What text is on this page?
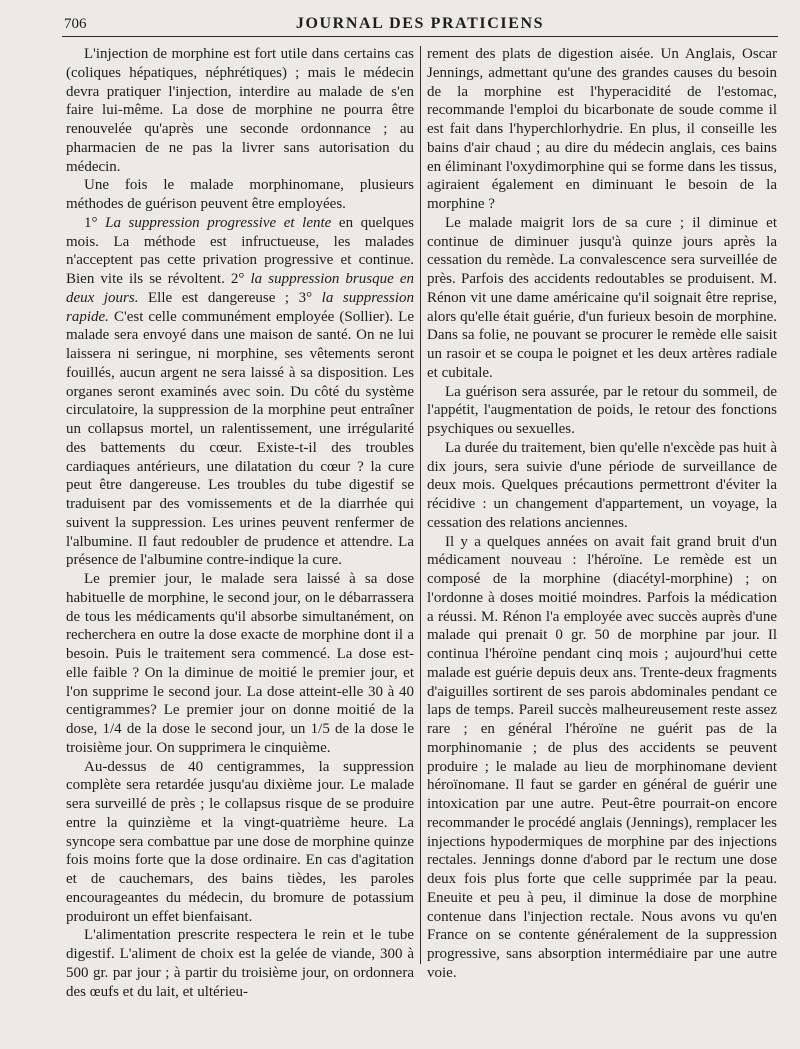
706	JOURNAL DES PRATICIENS

L'injection de morphine est fort utile dans certains cas (coliques hépatiques, néphrétiques) ; mais le médecin devra pratiquer l'injection, interdire au malade de s'en faire lui-même. La dose de morphine ne pourra être renouvelée qu'après une seconde ordonnance ; au pharmacien de ne pas la livrer sans autorisation du médecin.

Une fois le malade morphinomane, plusieurs méthodes de guérison peuvent être employées.

1° La suppression progressive et lente en quelques mois. La méthode est infructueuse, les malades n'acceptent pas cette privation progressive et continue. Bien vite ils se révoltent. 2° la suppression brusque en deux jours. Elle est dangereuse ; 3° la suppression rapide. C'est celle communément employée (Sollier). Le malade sera envoyé dans une maison de santé. On ne lui laissera ni seringue, ni morphine, ses vêtements seront fouillés, aucun argent ne sera laissé à sa disposition. Les organes seront examinés avec soin. Du côté du système circulatoire, la suppression de la morphine peut entraîner un collapsus mortel, un ralentissement, une irrégularité des battements du cœur. Existe-t-il des troubles cardiaques antérieurs, une dilatation du cœur ? la cure peut être dangereuse. Les troubles du tube digestif se traduisent par des vomissements et de la diarrhée qui suivent la suppression. Les urines peuvent renfermer de l'albumine. Il faut redoubler de prudence et attendre. La présence de l'albumine contre-indique la cure.

Le premier jour, le malade sera laissé à sa dose habituelle de morphine, le second jour, on le débarrassera de tous les médicaments qu'il absorbe simultanément, on recherchera en outre la dose exacte de morphine dont il a besoin. Puis le traitement sera commencé. La dose est-elle faible ? On la diminue de moitié le premier jour, et l'on supprime le second jour. La dose atteint-elle 30 à 40 centigrammes? Le premier jour on donne moitié de la dose, 1/4 de la dose le second jour, un 1/5 de la dose le troisième jour. On supprimera le cinquième.

Au-dessus de 40 centigrammes, la suppression complète sera retardée jusqu'au dixième jour. Le malade sera surveillé de près ; le collapsus risque de se produire entre la quinzième et la vingt-quatrième heure. La syncope sera combattue par une dose de morphine quinze fois moins forte que la dose ordinaire. En cas d'agitation et de cauchemars, des bains tièdes, les paroles encourageantes du médecin, du bromure de potassium produiront un effet bienfaisant.

L'alimentation prescrite respectera le rein et le tube digestif. L'aliment de choix est la gelée de viande, 300 à 500 gr. par jour ; à partir du troisième jour, on ordonnera des œufs et du lait, et ultérieu-

rement des plats de digestion aisée. Un Anglais, Oscar Jennings, admettant qu'une des grandes causes du besoin de la morphine est l'hyperacidité de l'estomac, recommande l'emploi du bicarbonate de soude comme il est fait dans l'hyperchlorhydrie. En plus, il conseille les bains d'air chaud ; au dire du médecin anglais, ces bains en éliminant l'oxydimorphine qui se forme dans les tissus, agiraient également en diminuant le besoin de la morphine ?

Le malade maigrit lors de sa cure ; il diminue et continue de diminuer jusqu'à quinze jours après la cessation du remède. La convalescence sera surveillée de près. Parfois des accidents redoutables se produisent. M. Rénon vit une dame américaine qu'il soignait être reprise, alors qu'elle était guérie, d'un furieux besoin de morphine. Dans sa folie, ne pouvant se procurer le remède elle saisit un rasoir et se coupa le poignet et les deux artères radiale et cubitale.

La guérison sera assurée, par le retour du sommeil, de l'appétit, l'augmentation de poids, le retour des fonctions psychiques ou sexuelles.

La durée du traitement, bien qu'elle n'excède pas huit à dix jours, sera suivie d'une période de surveillance de deux mois. Quelques précautions permettront d'éviter la récidive : un changement d'appartement, un voyage, la cessation des relations anciennes.

Il y a quelques années on avait fait grand bruit d'un médicament nouveau : l'héroïne. Le remède est un composé de la morphine (diacétyl-morphine) ; on l'ordonne à doses moitié moindres. Parfois la médication a réussi. M. Rénon l'a employée avec succès auprès d'une malade qui prenait 0 gr. 50 de morphine par jour. Il continua l'héroïne pendant cinq mois ; aujourd'hui cette malade est guérie depuis deux ans. Trente-deux fragments d'aiguilles sortirent de ses parois abdominales pendant ce laps de temps. Pareil succès malheureusement reste assez rare ; en général l'héroïne ne guérit pas de la morphinomanie ; de plus des accidents se peuvent produire ; le malade au lieu de morphinomane devient héroïnomane. Il faut se garder en général de guérir une intoxication par une autre. Peut-être pourrait-on encore recommander le procédé anglais (Jennings), remplacer les injections hypodermiques de morphine par des injections rectales. Jennings donne d'abord par le rectum une dose deux fois plus forte que celle supprimée par la peau. Eneuite et peu à peu, il diminue la dose de morphine contenue dans l'injection rectale. Nous avons vu qu'en France on se contente généralement de la suppression progressive, sans absorption intermédiaire par une autre voie.
